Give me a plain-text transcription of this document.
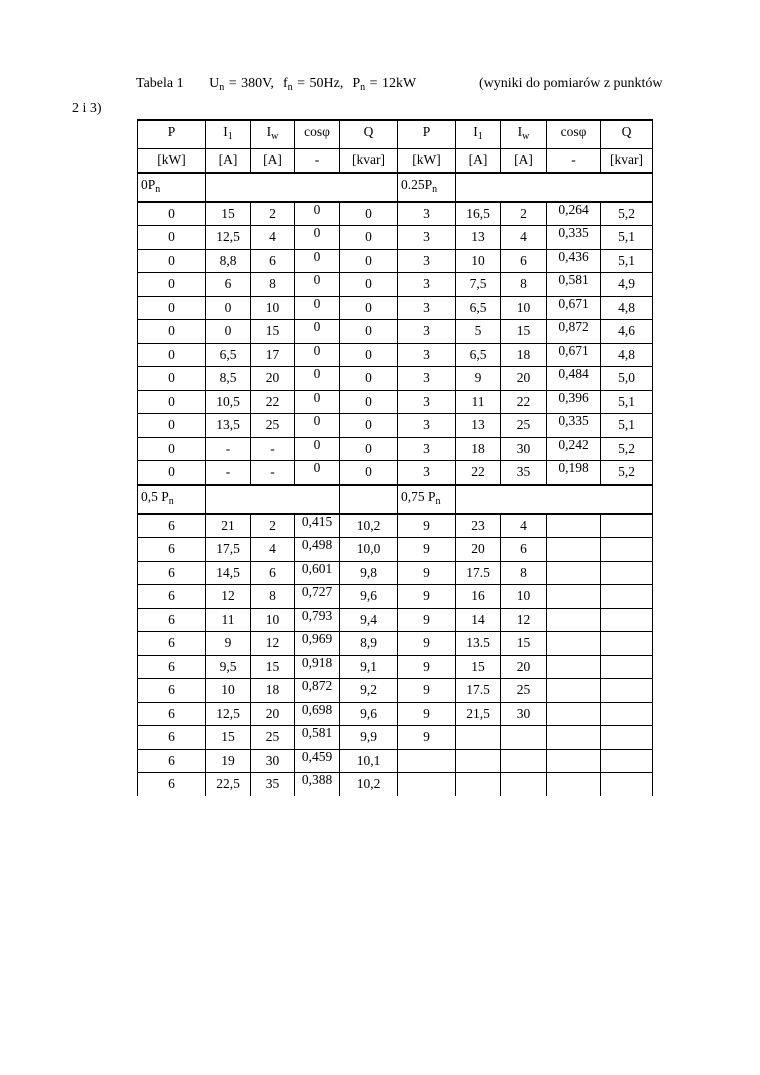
Tabela 1 $U_n = 380V$, $f_n = 50Hz$, $P_n = 12kW$	(wyniki do pomiarów z punktów
2 i 3)
P	$I_1$	$I_w$	cosφ	Q	P	$I_1$	$I_w$	cosφ	Q
[kW]	[A]	[A]	-	[kvar]	[kW]	[A]	[A]	-	[kvar]
$0P_n$					$0.25P_n$	
0	15	2	0	0	3	16,5	2	0,264	5,2
0	12,5	4	0	0	3	13	4	0,335	5,1
0	8,8	6	0	0	3	10	6	0,436	5,1
0	6	8	0	0	3	7,5	8	0,581	4,9
0	0	10	0	0	3	6,5	10	0,671	4,8
0	0	15	0	0	3	5	15	0,872	4,6
0	6,5	17	0	0	3	6,5	18	0,671	4,8
0	8,5	20	0	0	3	9	20	0,484	5,0
0	10,5	22	0	0	3	11	22	0,396	5,1
0	13,5	25	0	0	3	13	25	0,335	5,1
0	-	-	0	0	3	18	30	0,242	5,2
0	-	-	0	0	3	22	35	0,198	5,2
0,5 $P_n$					0,75 $P_n$	
6	21	2	0,415	10,2	9	23	4		
6	17,5	4	0,498	10,0	9	20	6		
6	14,5	6	0,601	9,8	9	17.5	8		
6	12	8	0,727	9,6	9	16	10		
6	11	10	0,793	9,4	9	14	12		
6	9	12	0,969	8,9	9	13.5	15		
6	9,5	15	0,918	9,1	9	15	20		
6	10	18	0,872	9,2	9	17.5	25		
6	12,5	20	0,698	9,6	9	21,5	30		
6	15	25	0,581	9,9	9				
6	19	30	0,459	10,1					
6	22,5	35	0,388	10,2					
